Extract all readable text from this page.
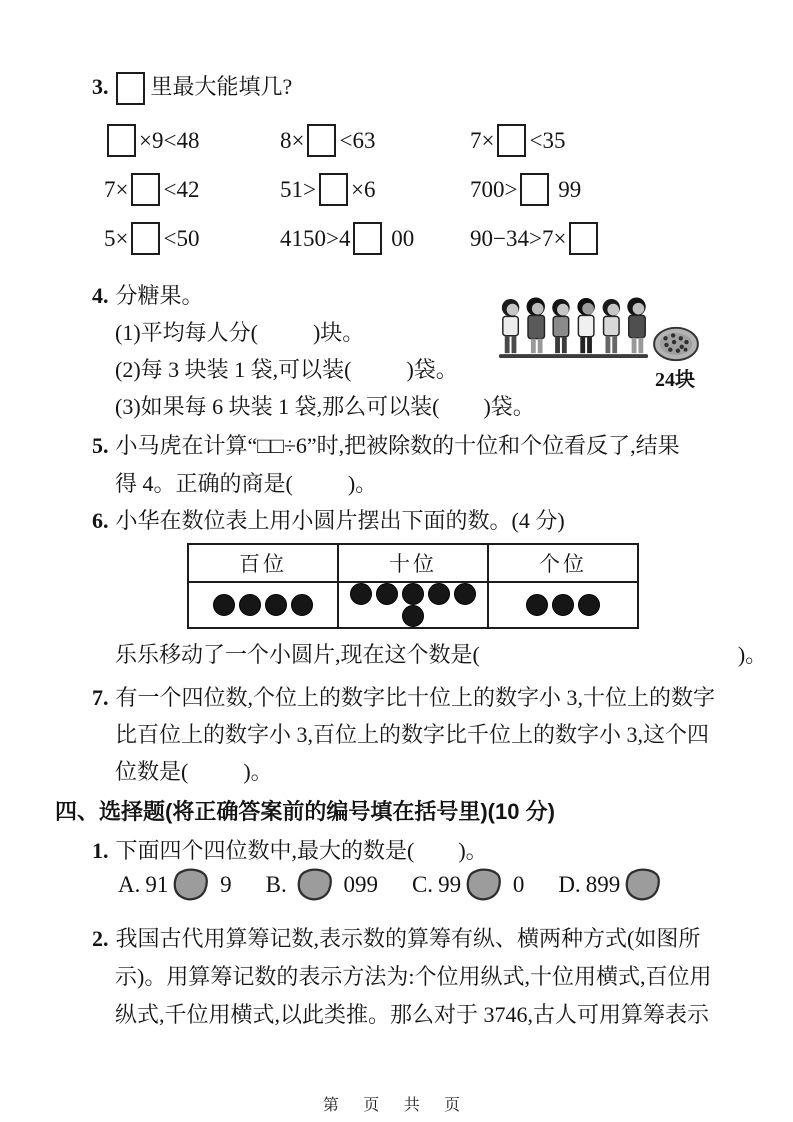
3. 里最大能填几?
×9<48	8× <63	7× <35
7× <42	51> ×6	700> 99
5× <50	4150>4 00 90−34>7×
4. 分糖果。
(1)平均每人分(          )块。
(2)每 3 块装 1 袋,可以装(          )袋。
(3)如果每 6 块装 1 袋,那么可以装(        )袋。
24块
5. 小马虎在计算“□□÷6”时,把被除数的十位和个位看反了,结果
得 4。正确的商是(          )。
6. 小华在数位表上用小圆片摆出下面的数。(4 分)
百位	十位	个位

乐乐移动了一个小圆片,现在这个数是(	)。
7. 有一个四位数,个位上的数字比十位上的数字小 3,十位上的数字
比百位上的数字小 3,百位上的数字比千位上的数字小 3,这个四
位数是(          )。
四、选择题(将正确答案前的编号填在括号里)(10 分)
1. 下面四个四位数中,最大的数是(        )。
A. 91 9 B. 099 C. 99 0 D. 899
2. 我国古代用算筹记数,表示数的算筹有纵、横两种方式(如图所
示)。用算筹记数的表示方法为:个位用纵式,十位用横式,百位用
纵式,千位用横式,以此类推。那么对于 3746,古人可用算筹表示
第 页 共 页
